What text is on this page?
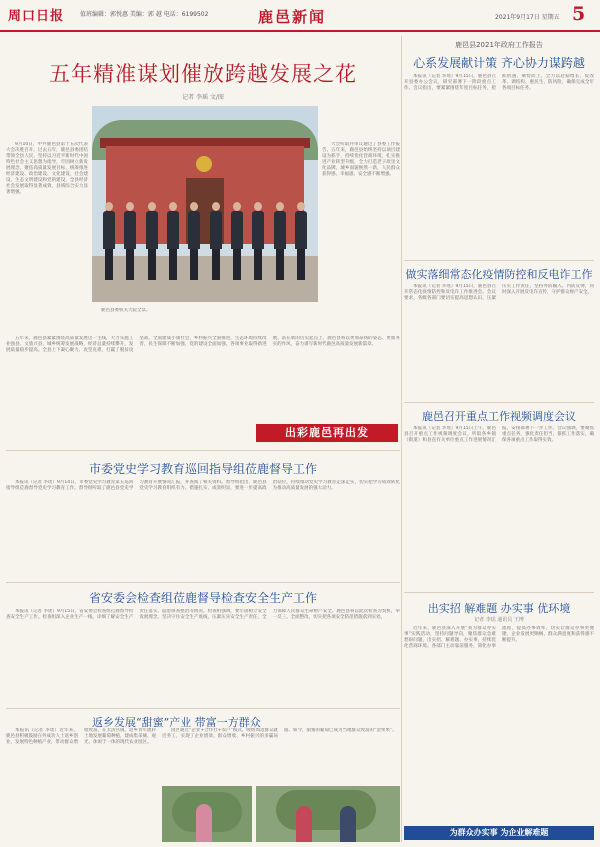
周口日报	值班编辑：郭悦惠 美编：郭 越 电话：6199502	鹿邑新闻	2021年9月17日 星期五 5
五年精准谋划催放跨越发展之花
记者 李瑶 文/图

9月10日，中共鹿邑县第十五次代表大会决胜召开。过去五年，鹿邑县委团结带领全县人民，坚持以习近平新时代中国特色社会主义思想为指导，牢固树立新发展理念，聚焦高质量发展目标，统筹推进经济建设、政治建设、文化建设、社会建设、生态文明建设和党的建设，全县经济社会发展取得显著成效，县域综合实力显著增强。

大会听取并审议通过了县委工作报告。五年来，鹿邑县始终坚持以项目建设为抓手，持续优化营商环境，扎实推进产业转型升级，全力打造老子故里文化品牌，城乡面貌焕然一新，人民群众获得感、幸福感、安全感不断增强。

鹿邑县委机关大院全景。

五年来，鹿邑县紧紧围绕高质量发展这一主线，大力实施工业强县、文旅兴县、城乡统筹发展战略，经济总量持续攀升，发展质量稳步提高。全县上下凝心聚力、攻坚克难，打赢了脱贫攻坚战，全面建成小康社会，乡村振兴全面推进，生态环境持续改善，民生保障不断加强，党的建设全面加强，各项事业取得新进展。站在新的历史起点上，鹿邑县将以更加昂扬的姿态、更加务实的作风，奋力谱写新时代鹿邑高质量发展新篇章。

出彩鹿邑再出发
市委党史学习教育巡回指导组莅鹿督导工作

本报讯（记者 李瑶）9月14日，市委党史学习教育第五巡回指导组莅鹿督导党史学习教育工作。督导组听取了鹿邑县党史学习教育开展情况汇报，并查阅了相关资料。督导组指出，鹿邑县党史学习教育组织有力、措施扎实、成效明显，要进一步提高政治站位，持续推动党史学习教育走深走实，切实把学习成效转化为推动高质量发展的强大动力。

省安委会检查组莅鹿督导检查安全生产工作

本报讯（记者 李瑶）9月15日，省安委会检查组莅鹿督导检查安全生产工作。检查组深入企业生产一线，详细了解安全生产责任落实、隐患排查整治等情况。检查组强调，要牢固树立安全发展理念，坚决守住安全生产底线，压紧压实安全生产责任，全力保障人民群众生命财产安全。鹿邑县将以此次检查为契机，举一反三、全面整改，切实把各项安全防范措施落到实处。

返乡发展“甜蜜”产业 带富一方群众

本报讯（记者 李瑶）近年来，鹿邑县积极鼓励在外成功人士返乡创业，发展特色种植产业，带动群众增收致富。在太清宫镇，返乡青年流转土地发展葡萄种植，建成集采摘、观光、休闲于一体的现代农业园区。

园区通过“企业+合作社+农户”模式，吸纳周边群众就近务工，实现了企业增效、群众增收、乡村振兴的多赢局面。如今，甜蜜的葡萄已成为当地群众致富的“金果果”。

鹿邑县2021年政府工作报告
心系发展献计策 齐心协力谋跨越

本报讯（记者 李瑶）9月15日，鹿邑县召开县委办公会议，研究部署下一阶段重点工作。会议指出，要紧紧围绕年度目标任务，抢抓机遇、乘势而上，全力以赴稳增长、促改革、调结构、惠民生、防风险，确保完成全年各项目标任务。

做实落细常态化疫情防控和反电诈工作

本报讯（记者 李瑶）9月15日，鹿邑县召开常态化疫情防控和反电诈工作推进会。会议要求，各级各部门要切实提高思想认识，压紧压实工作责任，坚持外防输入、内防反弹，同时深入开展反电诈宣传，守护群众财产安全。

鹿邑召开重点工作视频调度会议

本报讯（记者 李瑶）9月15日上午，鹿邑县召开重点工作视频调度会议，听取各乡镇（街道）和县直有关单位重点工作进展情况汇报，安排部署下一步工作。会议强调，要聚焦重点任务，强化责任担当，狠抓工作落实，确保各项重点工作取得实效。

出实招 解难题 办实事 优环境
记者 李瑶 通讯员 王博

近年来，鹿邑县深入开展“我为群众办实事”实践活动，坚持问题导向，聚焦群众急难愁盼问题，出实招、解难题、办实事，持续优化营商环境。各部门主动靠前服务，简化办事流程，提高办事效率，切实让群众办事更便捷、企业发展更顺畅，群众满意度和获得感不断提升。

为群众办实事 为企业解难题
